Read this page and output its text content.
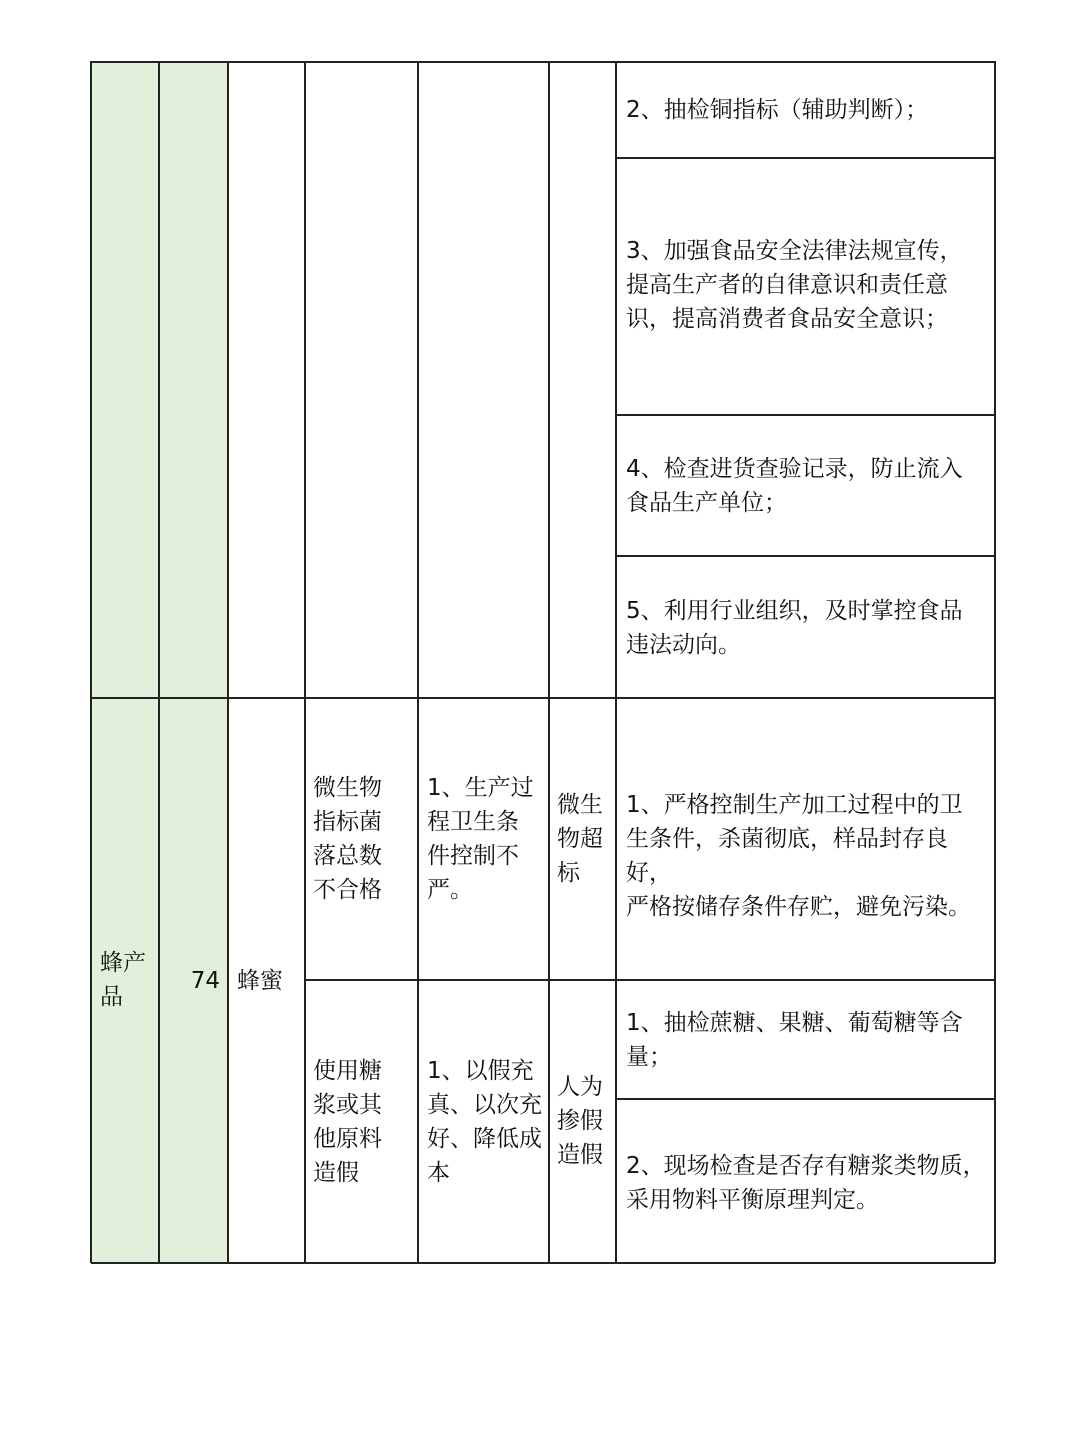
2、抽检铜指标（辅助判断）；
3、加强食品安全法律法规宣传，
提高生产者的自律意识和责任意
识，提高消费者食品安全意识；
4、检查进货查验记录，防止流入
食品生产单位；
5、利用行业组织，及时掌控食品
违法动向。
蜂产
品
74 蜂蜜
微生物
指标菌
落总数
不合格
1、生产过
程卫生条
件控制不
严。
微生
物超
标
1、严格控制生产加工过程中的卫
生条件，杀菌彻底，样品封存良好，
严格按储存条件存贮，避免污染。
使用糖
浆或其
他原料
造假
1、以假充
真、以次充
好、降低成
本
人为
掺假
造假
1、抽检蔗糖、果糖、葡萄糖等含
量；
2、现场检查是否存有糖浆类物质，
采用物料平衡原理判定。
